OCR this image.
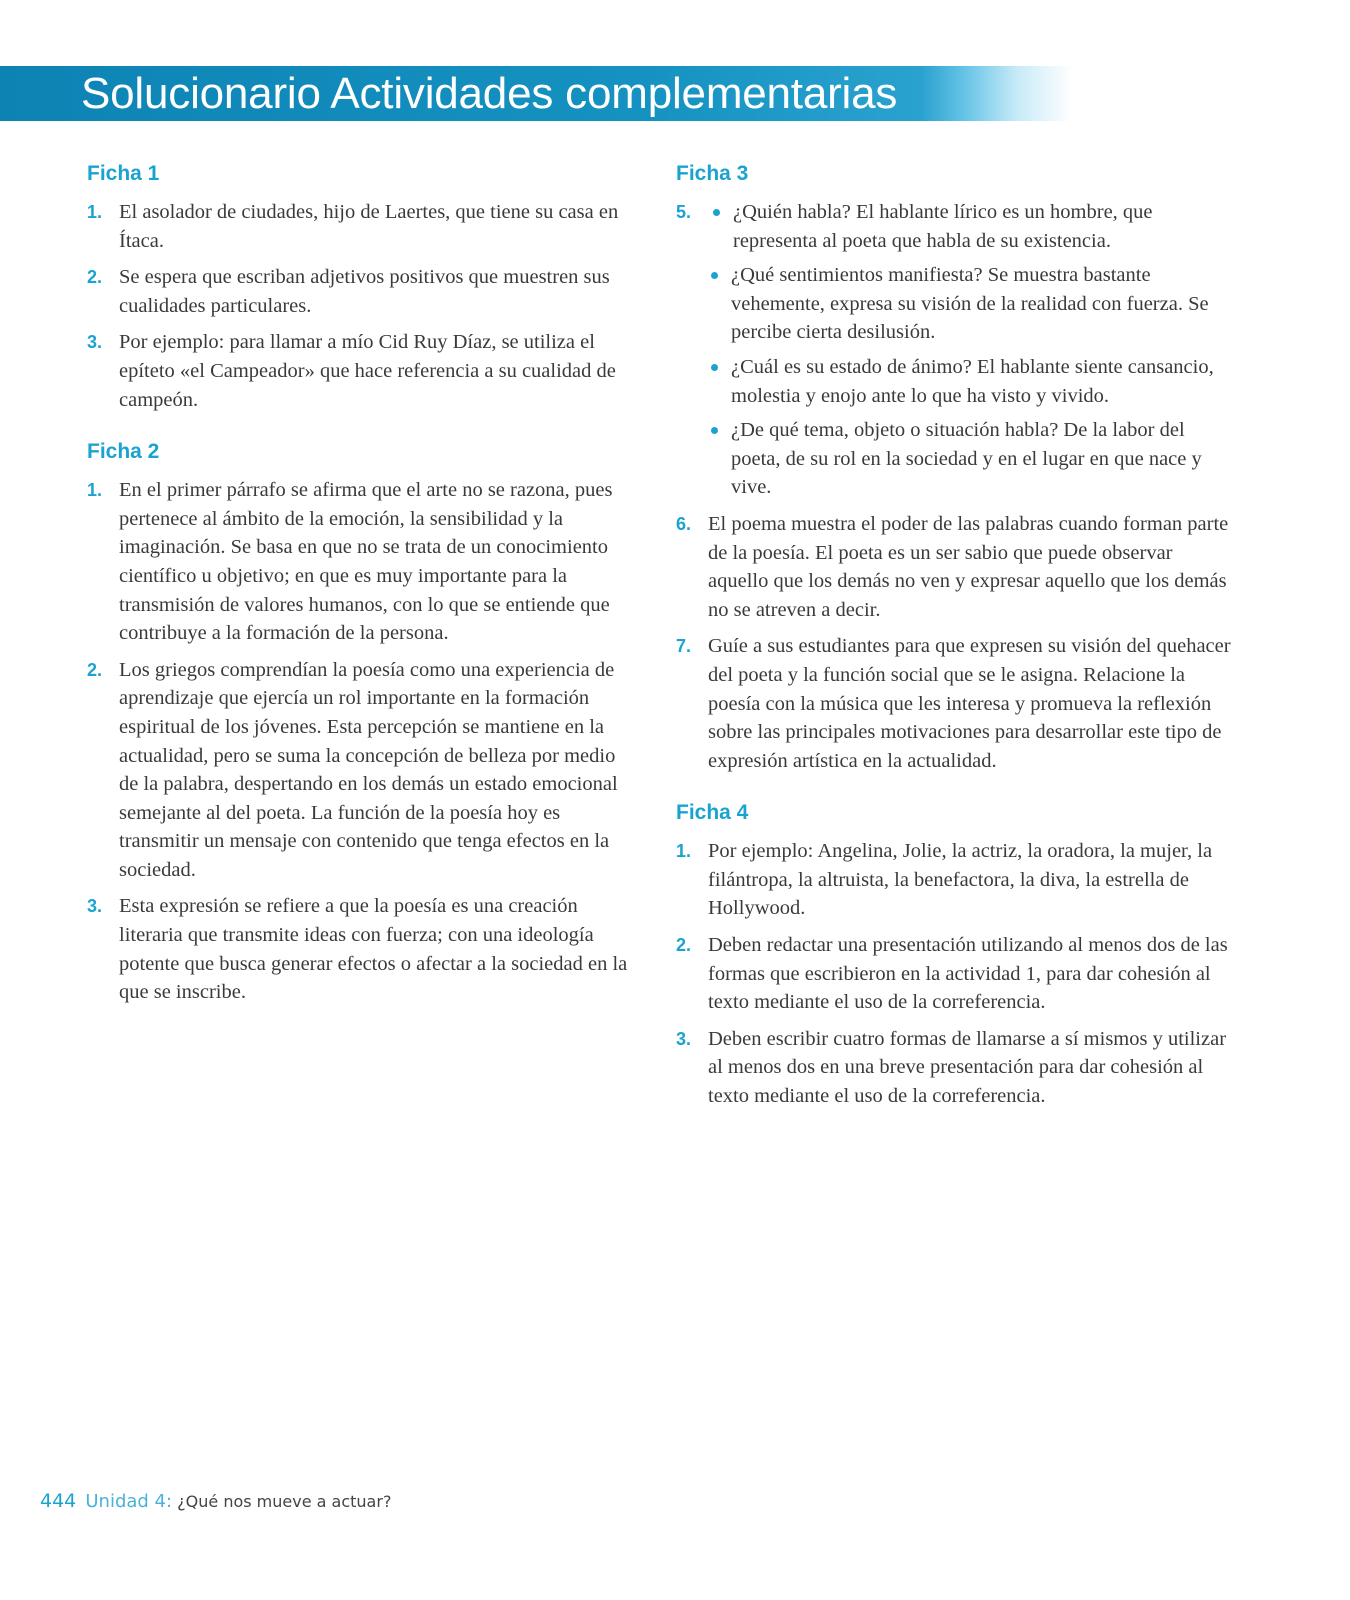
Solucionario Actividades complementarias
Ficha 1
1. El asolador de ciudades, hijo de Laertes, que tiene su casa en Ítaca.
2. Se espera que escriban adjetivos positivos que muestren sus cualidades particulares.
3. Por ejemplo: para llamar a mío Cid Ruy Díaz, se utiliza el epíteto «el Campeador» que hace referencia a su cualidad de campeón.
Ficha 2
1. En el primer párrafo se afirma que el arte no se razona, pues pertenece al ámbito de la emoción, la sensibilidad y la imaginación. Se basa en que no se trata de un conocimiento científico u objetivo; en que es muy importante para la transmisión de valores humanos, con lo que se entiende que contribuye a la formación de la persona.
2. Los griegos comprendían la poesía como una experiencia de aprendizaje que ejercía un rol importante en la formación espiritual de los jóvenes. Esta percepción se mantiene en la actualidad, pero se suma la concepción de belleza por medio de la palabra, despertando en los demás un estado emocional semejante al del poeta. La función de la poesía hoy es transmitir un mensaje con contenido que tenga efectos en la sociedad.
3. Esta expresión se refiere a que la poesía es una creación literaria que transmite ideas con fuerza; con una ideología potente que busca generar efectos o afectar a la sociedad en la que se inscribe.
Ficha 3
5. ¿Quién habla? El hablante lírico es un hombre, que representa al poeta que habla de su existencia.
¿Qué sentimientos manifiesta? Se muestra bastante vehemente, expresa su visión de la realidad con fuerza. Se percibe cierta desilusión.
¿Cuál es su estado de ánimo? El hablante siente cansancio, molestia y enojo ante lo que ha visto y vivido.
¿De qué tema, objeto o situación habla? De la labor del poeta, de su rol en la sociedad y en el lugar en que nace y vive.
6. El poema muestra el poder de las palabras cuando forman parte de la poesía. El poeta es un ser sabio que puede observar aquello que los demás no ven y expresar aquello que los demás no se atreven a decir.
7. Guíe a sus estudiantes para que expresen su visión del quehacer del poeta y la función social que se le asigna. Relacione la poesía con la música que les interesa y promueva la reflexión sobre las principales motivaciones para desarrollar este tipo de expresión artística en la actualidad.
Ficha 4
1. Por ejemplo: Angelina, Jolie, la actriz, la oradora, la mujer, la filántropa, la altruista, la benefactora, la diva, la estrella de Hollywood.
2. Deben redactar una presentación utilizando al menos dos de las formas que escribieron en la actividad 1, para dar cohesión al texto mediante el uso de la correferencia.
3. Deben escribir cuatro formas de llamarse a sí mismos y utilizar al menos dos en una breve presentación para dar cohesión al texto mediante el uso de la correferencia.
444 Unidad 4: ¿Qué nos mueve a actuar?
